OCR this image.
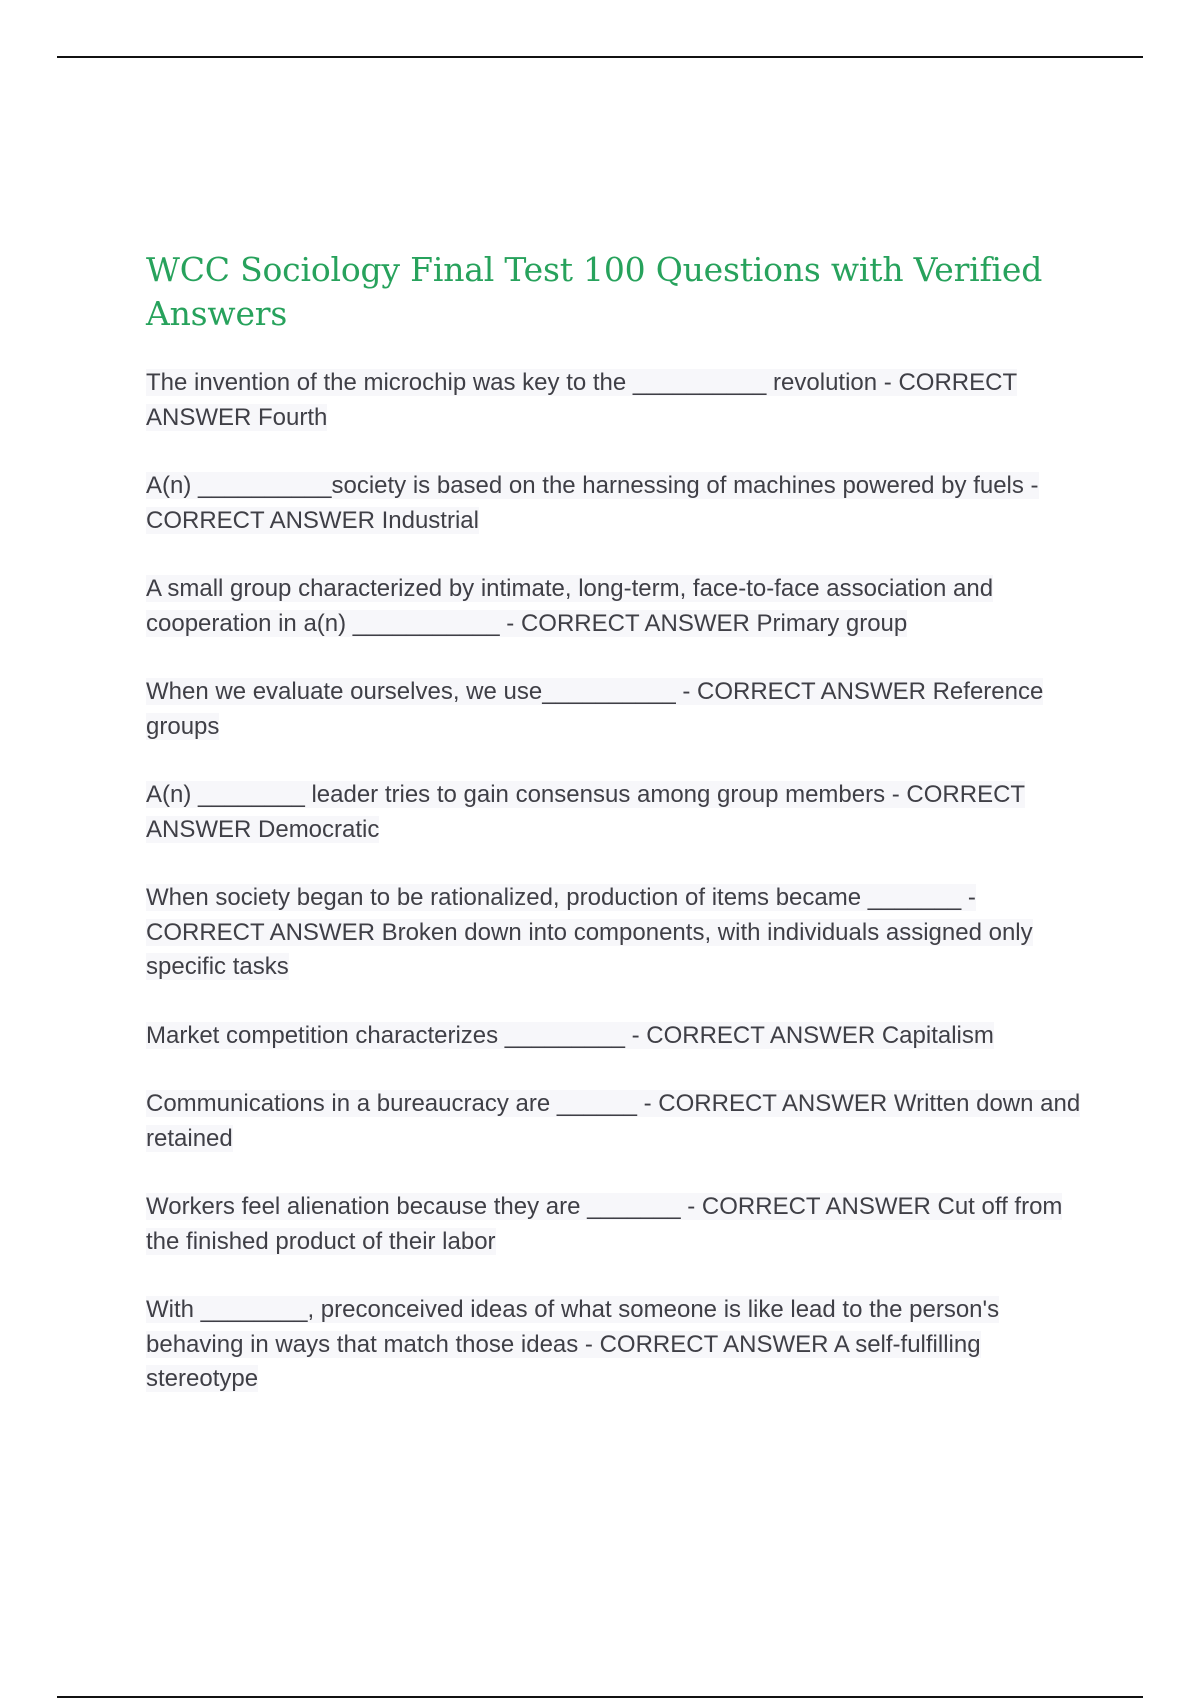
WCC Sociology Final Test 100 Questions with Verified Answers
The invention of the microchip was key to the __________ revolution - CORRECT ANSWER Fourth
A(n) __________society is based on the harnessing of machines powered by fuels - CORRECT ANSWER Industrial
A small group characterized by intimate, long-term, face-to-face association and cooperation in a(n) ___________ - CORRECT ANSWER Primary group
When we evaluate ourselves, we use__________ - CORRECT ANSWER Reference groups
A(n) ________ leader tries to gain consensus among group members - CORRECT ANSWER Democratic
When society began to be rationalized, production of items became _______ - CORRECT ANSWER Broken down into components, with individuals assigned only specific tasks
Market competition characterizes _________ - CORRECT ANSWER Capitalism
Communications in a bureaucracy are ______ - CORRECT ANSWER Written down and retained
Workers feel alienation because they are _______ - CORRECT ANSWER Cut off from the finished product of their labor
With ________, preconceived ideas of what someone is like lead to the person's behaving in ways that match those ideas - CORRECT ANSWER A self-fulfilling stereotype
